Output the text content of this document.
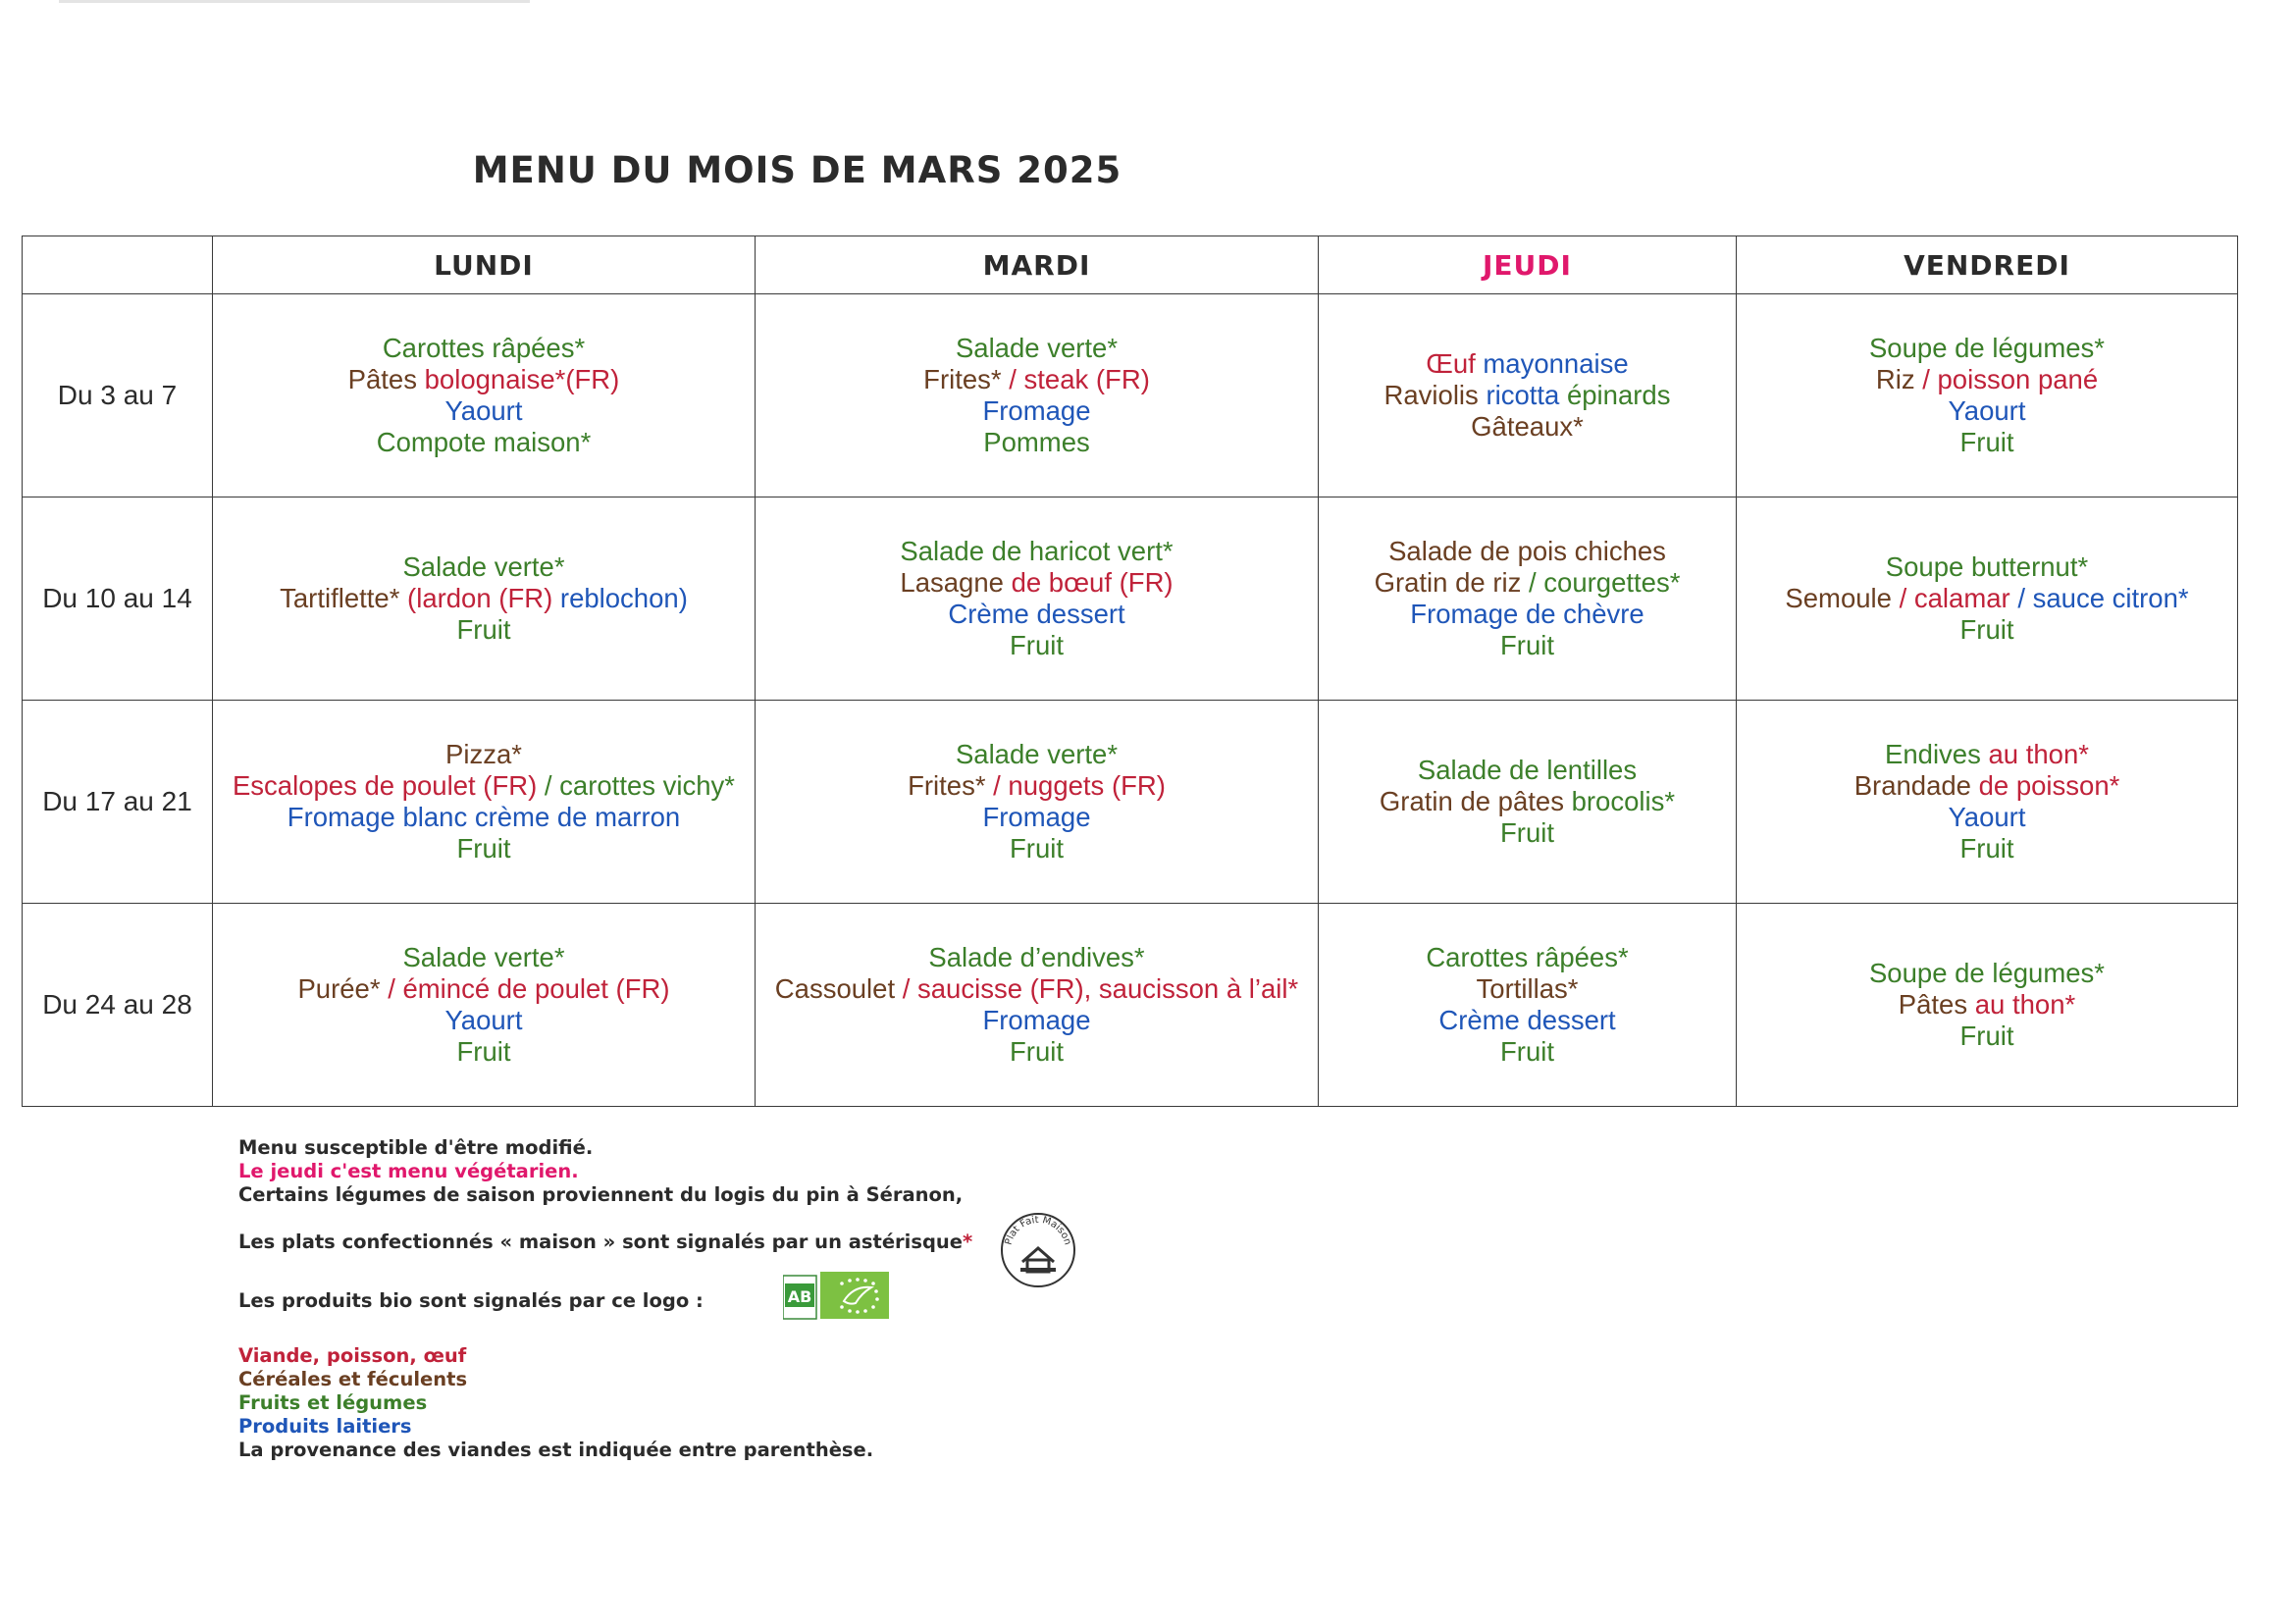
MENU DU MOIS DE MARS 2025
	LUNDI	MARDI	JEUDI	VENDREDI
Du 3 au 7	Carottes râpées*
Pâtes bolognaise*(FR)
Yaourt
Compote maison*	Salade verte*
Frites* / steak (FR)
Fromage
Pommes	Œuf mayonnaise
Raviolis ricotta épinards
Gâteaux*	Soupe de légumes*
Riz / poisson pané
Yaourt
Fruit

Du 10 au 14	Salade verte*
Tartiflette* (lardon (FR) reblochon)
Fruit	Salade de haricot vert*
Lasagne de bœuf (FR)
Crème dessert
Fruit	Salade de pois chiches
Gratin de riz / courgettes*
Fromage de chèvre
Fruit	Soupe butternut*
Semoule / calamar / sauce citron*
Fruit

Du 17 au 21	Pizza*
Escalopes de poulet (FR) / carottes vichy*
Fromage blanc crème de marron
Fruit	Salade verte*
Frites* / nuggets (FR)
Fromage
Fruit	Salade de lentilles
Gratin de pâtes brocolis*
Fruit	Endives au thon*
Brandade de poisson*
Yaourt
Fruit

Du 24 au 28	Salade verte*
Purée* / émincé de poulet (FR)
Yaourt
Fruit	Salade d’endives*
Cassoulet / saucisse (FR), saucisson à l’ail*
Fromage
Fruit	Carottes râpées*
Tortillas*
Crème dessert
Fruit	Soupe de légumes*
Pâtes au thon*
Fruit
Menu susceptible d'être modifié.
Le jeudi c'est menu végétarien.
Certains légumes de saison proviennent du logis du pin à Séranon,
Les plats confectionnés « maison » sont signalés par un astérisque*
Les produits bio sont signalés par ce logo :
Viande, poisson, œuf
Céréales et féculents
Fruits et légumes
Produits laitiers
La provenance des viandes est indiquée entre parenthèse.
Plat Fait Maison
AB
